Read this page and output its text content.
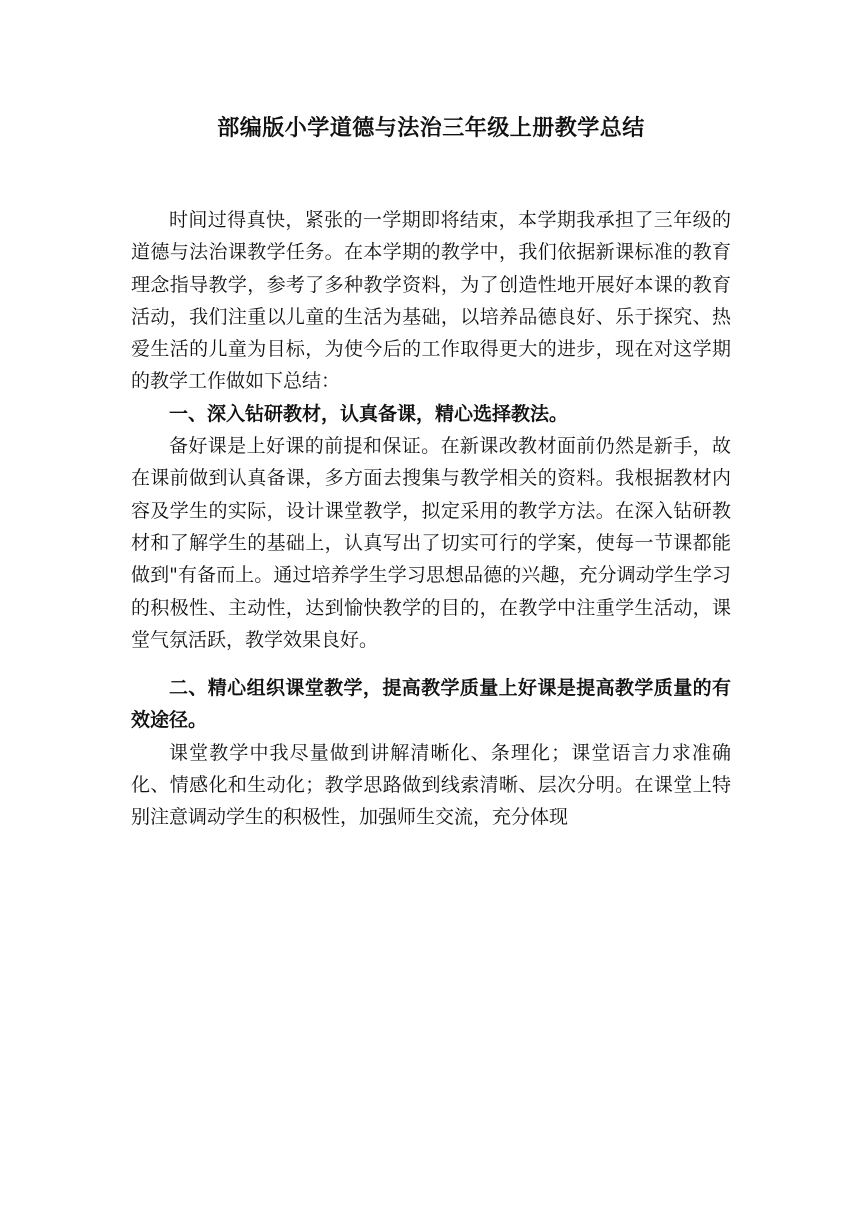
部编版小学道德与法治三年级上册教学总结

时间过得真快，紧张的一学期即将结束，本学期我承担了三年级的道德与法治课教学任务。在本学期的教学中，我们依据新课标准的教育理念指导教学，参考了多种教学资料，为了创造性地开展好本课的教育活动，我们注重以儿童的生活为基础，以培养品德良好、乐于探究、热爱生活的儿童为目标，为使今后的工作取得更大的进步，现在对这学期的教学工作做如下总结：

一、深入钻研教材，认真备课，精心选择教法。

备好课是上好课的前提和保证。在新课改教材面前仍然是新手，故在课前做到认真备课，多方面去搜集与教学相关的资料。我根据教材内容及学生的实际，设计课堂教学，拟定采用的教学方法。在深入钻研教材和了解学生的基础上，认真写出了切实可行的学案，使每一节课都能做到"有备而上。通过培养学生学习思想品德的兴趣，充分调动学生学习的积极性、主动性，达到愉快教学的目的，在教学中注重学生活动，课堂气氛活跃，教学效果良好。

二、精心组织课堂教学，提高教学质量上好课是提高教学质量的有效途径。

课堂教学中我尽量做到讲解清晰化、条理化；课堂语言力求准确化、情感化和生动化；教学思路做到线索清晰、层次分明。在课堂上特别注意调动学生的积极性，加强师生交流，充分体现
